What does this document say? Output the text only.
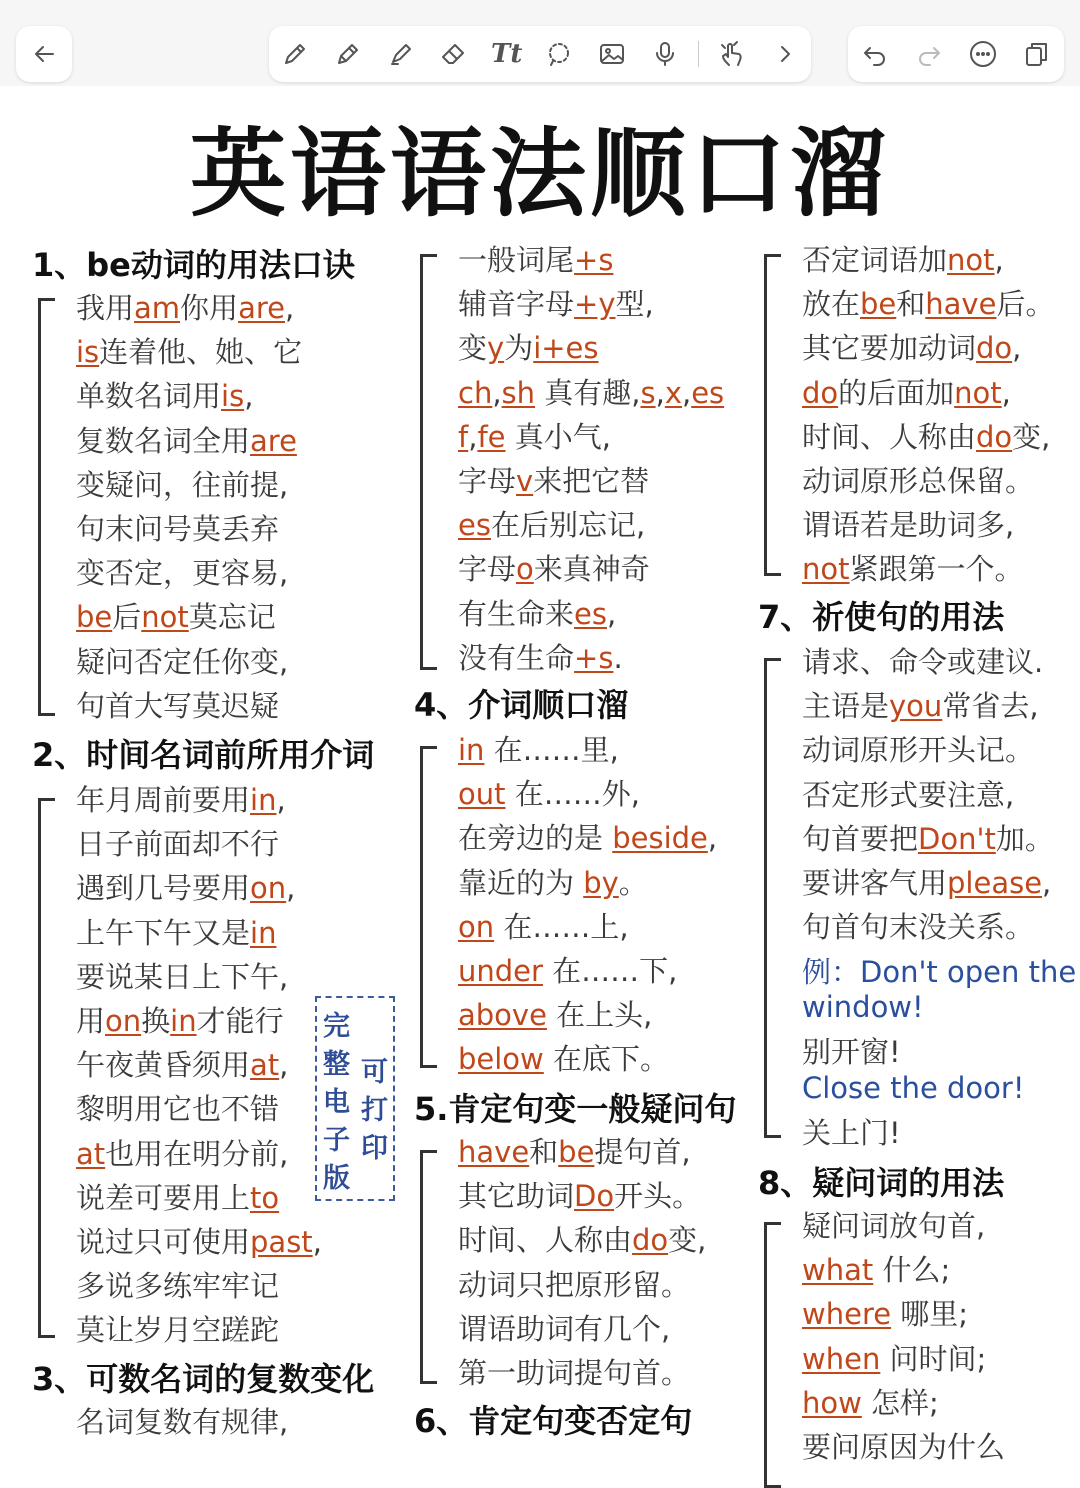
Tt
英语语法顺口溜
1、be动词的用法口诀
我用am你用are,
is连着他、她、它
单数名词用is,
复数名词全用are
变疑问，往前提,
句末问号莫丢弃
变否定，更容易,
be后not莫忘记
疑问否定任你变,
句首大写莫迟疑
2、时间名词前所用介词
年月周前要用in,
日子前面却不行
遇到几号要用on,
上午下午又是in
要说某日上下午,
用on换in才能行
午夜黄昏须用at,
黎明用它也不错
at也用在明分前,
说差可要用上to
说过只可使用past,
多说多练牢牢记
莫让岁月空蹉跎
3、可数名词的复数变化
名词复数有规律,
完
整
电
子
版
可
打
印
一般词尾+s
辅音字母+y型,
变y为i+es
ch,sh 真有趣,s,x,es
f,fe 真小气,
字母v来把它替
es在后别忘记,
字母o来真神奇
有生命来es,
没有生命+s.
4、介词顺口溜
in 在……里,
out 在……外,
在旁边的是 beside,
靠近的为 by。
on 在……上,
under 在……下,
above 在上头,
below 在底下。
5.肯定句变一般疑问句
have和be提句首,
其它助词Do开头。
时间、人称由do变,
动词只把原形留。
谓语助词有几个,
第一助词提句首。
6、肯定句变否定句
否定词语加not,
放在be和have后。
其它要加动词do,
do的后面加not,
时间、人称由do变,
动词原形总保留。
谓语若是助词多,
not紧跟第一个。
7、祈使句的用法
请求、命令或建议.
主语是you常省去,
动词原形开头记。
否定形式要注意,
句首要把Don't加。
要讲客气用please,
句首句末没关系。
例：Don't open the
window!
别开窗!
Close the door!
关上门!
8、疑问词的用法
疑问词放句首,
what 什么;
where 哪里;
when 问时间;
how 怎样;
要问原因为什么
